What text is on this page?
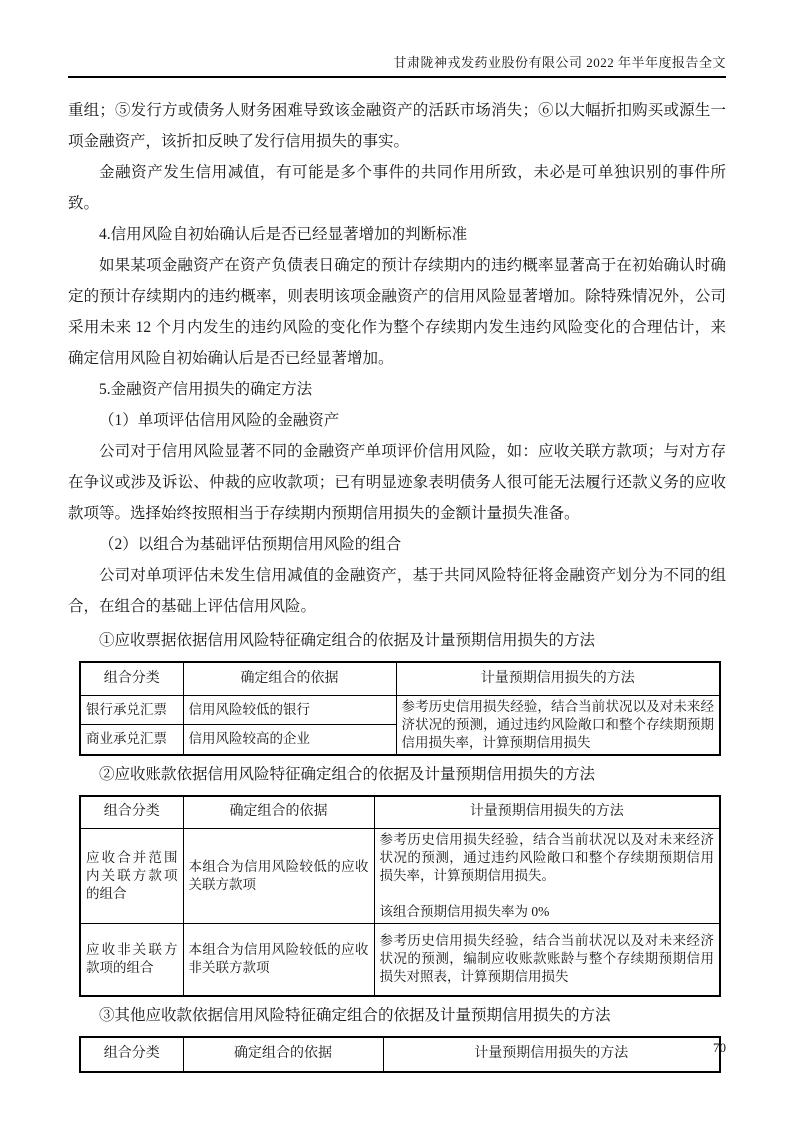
甘肃陇神戎发药业股份有限公司 2022 年半年度报告全文

重组；⑤发行方或债务人财务困难导致该金融资产的活跃市场消失；⑥以大幅折扣购买或源生一项金融资产，该折扣反映了发行信用损失的事实。

金融资产发生信用减值，有可能是多个事件的共同作用所致，未必是可单独识别的事件所致。

4.信用风险自初始确认后是否已经显著增加的判断标准

如果某项金融资产在资产负债表日确定的预计存续期内的违约概率显著高于在初始确认时确定的预计存续期内的违约概率，则表明该项金融资产的信用风险显著增加。除特殊情况外，公司采用未来 12 个月内发生的违约风险的变化作为整个存续期内发生违约风险变化的合理估计，来确定信用风险自初始确认后是否已经显著增加。

5.金融资产信用损失的确定方法

（1）单项评估信用风险的金融资产

公司对于信用风险显著不同的金融资产单项评价信用风险，如：应收关联方款项；与对方存在争议或涉及诉讼、仲裁的应收款项；已有明显迹象表明债务人很可能无法履行还款义务的应收款项等。选择始终按照相当于存续期内预期信用损失的金额计量损失准备。

（2）以组合为基础评估预期信用风险的组合

公司对单项评估未发生信用减值的金融资产，基于共同风险特征将金融资产划分为不同的组合，在组合的基础上评估信用风险。

①应收票据依据信用风险特征确定组合的依据及计量预期信用损失的方法

组合分类	确定组合的依据	计量预期信用损失的方法
银行承兑汇票	信用风险较低的银行	参考历史信用损失经验，结合当前状况以及对未来经济状况的预测，通过违约风险敞口和整个存续期预期信用损失率，计算预期信用损失
商业承兑汇票	信用风险较高的企业	

②应收账款依据信用风险特征确定组合的依据及计量预期信用损失的方法

组合分类	确定组合的依据	计量预期信用损失的方法
应收合并范围内关联方款项的组合	本组合为信用风险较低的应收关联方款项	参考历史信用损失经验，结合当前状况以及对未来经济状况的预测，通过违约风险敞口和整个存续期预期信用损失率，计算预期信用损失。
该组合预期信用损失率为 0%

应收非关联方款项的组合	本组合为信用风险较低的应收非关联方款项	参考历史信用损失经验，结合当前状况以及对未来经济状况的预测，编制应收账款账龄与整个存续期预期信用损失对照表，计算预期信用损失

③其他应收款依据信用风险特征确定组合的依据及计量预期信用损失的方法

组合分类	确定组合的依据	计量预期信用损失的方法	70
